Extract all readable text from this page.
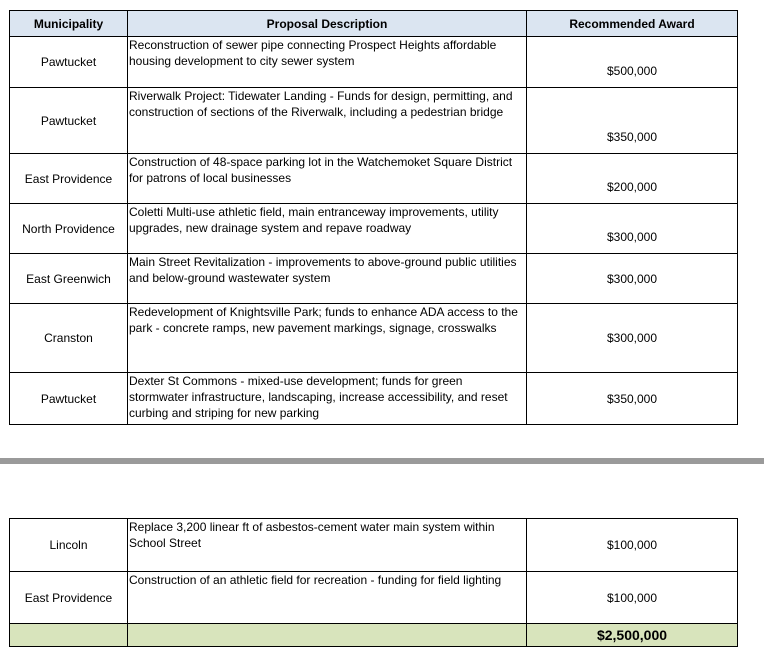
Municipality	Proposal Description	Recommended Award
Pawtucket	Reconstruction of sewer pipe connecting Prospect Heights affordable housing development to city sewer system	$500,000
Pawtucket	Riverwalk Project: Tidewater Landing - Funds for design, permitting, and construction of sections of the Riverwalk, including a pedestrian bridge	$350,000
East Providence	Construction of 48-space parking lot in the Watchemoket Square District for patrons of local businesses	$200,000
North Providence	Coletti Multi-use athletic field, main entranceway improvements, utility upgrades, new drainage system and repave roadway	$300,000
East Greenwich	Main Street Revitalization - improvements to above-ground public utilities and below-ground wastewater system	$300,000
Cranston	Redevelopment of Knightsville Park; funds to enhance ADA access to the park - concrete ramps, new pavement markings, signage, crosswalks	$300,000
Pawtucket	Dexter St Commons - mixed-use development; funds for green stormwater infrastructure, landscaping, increase accessibility, and reset curbing and striping for new parking	$350,000
Lincoln	Replace 3,200 linear ft of asbestos-cement water main system within School Street	$100,000
East Providence	Construction of an athletic field for recreation - funding for field lighting	$100,000
		$2,500,000
